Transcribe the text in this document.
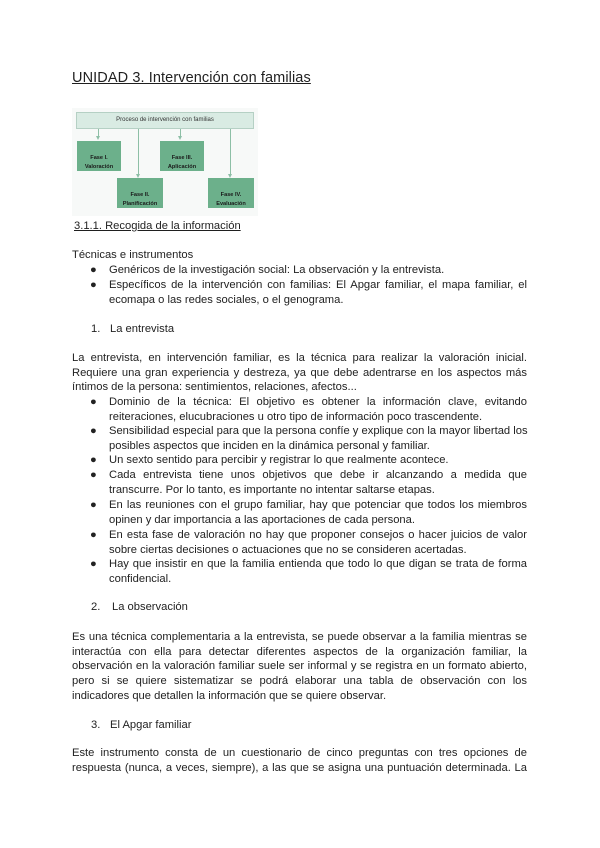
UNIDAD 3. Intervención con familias
Proceso de intervención con familias

Fase I.
Valoración

Fase III.
Aplicación

Fase II.
Planificación

Fase IV.
Evaluación

3.1.1. Recogida de la información
Técnicas e instrumentos
● Genéricos de la investigación social: La observación y la entrevista.
● Específicos de la intervención con familias: El Apgar familiar, el mapa familiar, el
ecomapa o las redes sociales, o el genograma.
1. La entrevista
La entrevista, en intervención familiar, es la técnica para realizar la valoración inicial.
Requiere una gran experiencia y destreza, ya que debe adentrarse en los aspectos más
íntimos de la persona: sentimientos, relaciones, afectos...
● Dominio de la técnica: El objetivo es obtener la información clave, evitando
reiteraciones, elucubraciones u otro tipo de información poco trascendente.
● Sensibilidad especial para que la persona confíe y explique con la mayor libertad los
posibles aspectos que inciden en la dinámica personal y familiar.
● Un sexto sentido para percibir y registrar lo que realmente acontece.
● Cada entrevista tiene unos objetivos que debe ir alcanzando a medida que
transcurre. Por lo tanto, es importante no intentar saltarse etapas.
● En las reuniones con el grupo familiar, hay que potenciar que todos los miembros
opinen y dar importancia a las aportaciones de cada persona.
● En esta fase de valoración no hay que proponer consejos o hacer juicios de valor
sobre ciertas decisiones o actuaciones que no se consideren acertadas.
● Hay que insistir en que la familia entienda que todo lo que digan se trata de forma
confidencial.
2. La observación
Es una técnica complementaria a la entrevista, se puede observar a la familia mientras se
interactúa con ella para detectar diferentes aspectos de la organización familiar, la
observación en la valoración familiar suele ser informal y se registra en un formato abierto,
pero si se quiere sistematizar se podrá elaborar una tabla de observación con los
indicadores que detallen la información que se quiere observar.
3. El Apgar familiar
Este instrumento consta de un cuestionario de cinco preguntas con tres opciones de
respuesta (nunca, a veces, siempre), a las que se asigna una puntuación determinada. La
